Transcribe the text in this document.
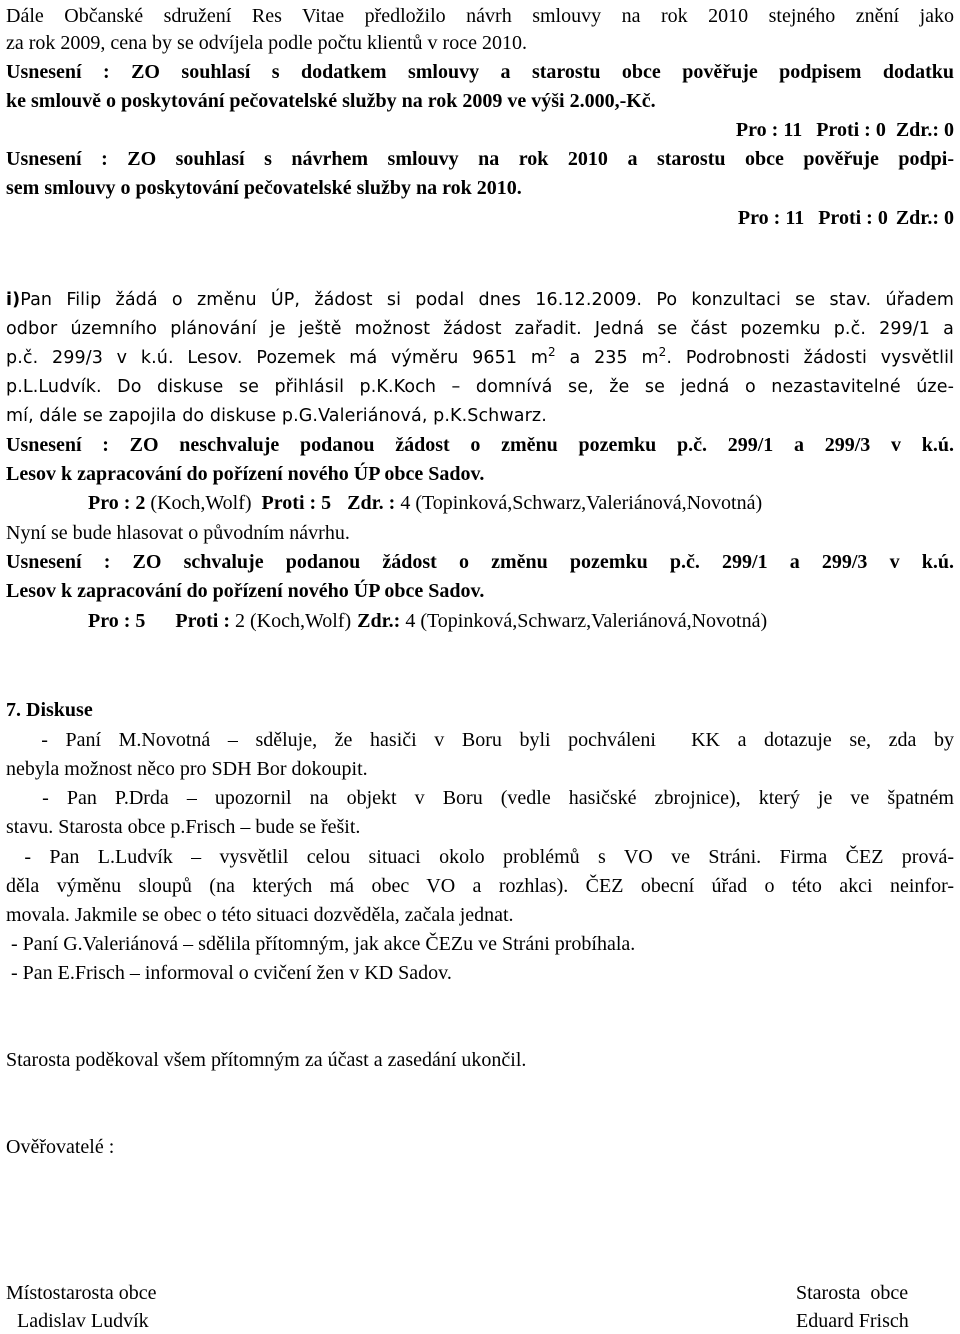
Dále Občanské sdružení Res Vitae předložilo návrh smlouvy na rok 2010 stejného znění jako
za rok 2009, cena by se odvíjela podle počtu klientů v roce 2010.
Usnesení : ZO souhlasí s dodatkem smlouvy a starostu obce pověřuje podpisem dodatku
ke smlouvě o poskytování pečovatelské služby na rok 2009 ve výši 2.000,-Kč.
Pro : 11 Proti : 0 Zdr.: 0
Usnesení : ZO souhlasí s návrhem smlouvy na rok 2010 a starostu obce pověřuje podpi-
sem smlouvy o poskytování pečovatelské služby na rok 2010.
Pro : 11 Proti : 0 Zdr.: 0
i)Pan Filip žádá o změnu ÚP, žádost si podal dnes 16.12.2009. Po konzultaci se stav. úřadem
odbor územního plánování je ještě možnost žádost zařadit. Jedná se část pozemku p.č. 299/1 a
p.č. 299/3 v k.ú. Lesov. Pozemek má výměru 9651 $m^2$ a 235 $m^2$. Podrobnosti žádosti vysvětlil
p.L.Ludvík. Do diskuse se přihlásil p.K.Koch – domnívá se, že se jedná o nezastavitelné úze-
mí, dále se zapojila do diskuse p.G.Valeriánová, p.K.Schwarz.
Usnesení : ZO neschvaluje podanou žádost o změnu pozemku p.č. 299/1 a 299/3 v k.ú.
Lesov k zapracování do pořízení nového ÚP obce Sadov.
Pro : 2 (Koch,Wolf) Proti : 5 Zdr. : 4 (Topinková,Schwarz,Valeriánová,Novotná)
Nyní se bude hlasovat o původním návrhu.
Usnesení : ZO schvaluje podanou žádost o změnu pozemku p.č. 299/1 a 299/3 v k.ú.
Lesov k zapracování do pořízení nového ÚP obce Sadov.
Pro : 5 Proti : 2 (Koch,Wolf) Zdr.: 4 (Topinková,Schwarz,Valeriánová,Novotná)
7. Diskuse
- Paní M.Novotná – sděluje, že hasiči v Boru byli pochváleni  KK a dotazuje se, zda by
nebyla možnost něco pro SDH Bor dokoupit.
- Pan P.Drda – upozornil na objekt v Boru (vedle hasičské zbrojnice), který je ve špatném
stavu. Starosta obce p.Frisch – bude se řešit.
- Pan L.Ludvík – vysvětlil celou situaci okolo problémů s VO ve Stráni. Firma ČEZ prová-
děla výměnu sloupů (na kterých má obec VO a rozhlas). ČEZ obecní úřad o této akci neinfor-
movala. Jakmile se obec o této situaci dozvěděla, začala jednat.
- Paní G.Valeriánová – sdělila přítomným, jak akce ČEZu ve Stráni probíhala.
- Pan E.Frisch – informoval o cvičení žen v KD Sadov.
Starosta poděkoval všem přítomným za účast a zasedání ukončil.
Ověřovatelé :
Místostarosta obce
Ladislav Ludvík
Starosta  obce
Eduard Frisch
